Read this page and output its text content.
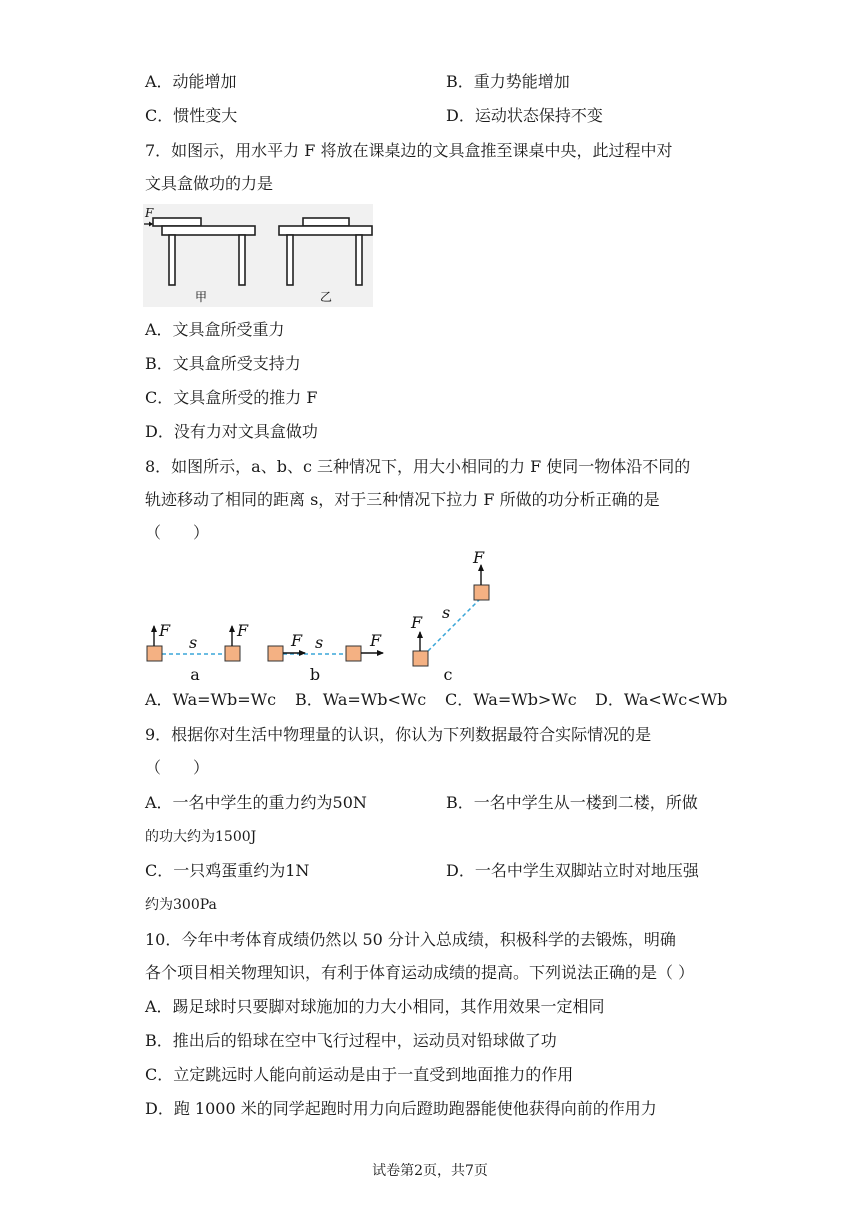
A．动能增加	B．重力势能增加
C．惯性变大	D．运动状态保持不变
7．如图示，用水平力 F 将放在课桌边的文具盒推至课桌中央，此过程中对
文具盒做功的力是
F
甲	乙
A．文具盒所受重力
B．文具盒所受支持力
C．文具盒所受的推力 F
D．没有力对文具盒做功
8．如图所示，a、b、c 三种情况下，用大小相同的力 F 使同一物体沿不同的
轨迹移动了相同的距离 s，对于三种情况下拉力 F 所做的功分析正确的是
（　　）
F	F
s
a
F	F
s
b
F
F
s
c
A．Wa=Wb=Wc B．Wa=Wb<Wc C．Wa=Wb>Wc D．Wa<Wc<Wb
9．根据你对生活中物理量的认识，你认为下列数据最符合实际情况的是
（　　）
A．一名中学生的重力约为50N	B．一名中学生从一楼到二楼，所做
的功大约为1500J
C．一只鸡蛋重约为1N	D．一名中学生双脚站立时对地压强
约为300Pa
10．今年中考体育成绩仍然以 50 分计入总成绩，积极科学的去锻炼，明确
各个项目相关物理知识，有利于体育运动成绩的提高。下列说法正确的是（ ）
A．踢足球时只要脚对球施加的力大小相同，其作用效果一定相同
B．推出后的铅球在空中飞行过程中，运动员对铅球做了功
C．立定跳远时人能向前运动是由于一直受到地面推力的作用
D．跑 1000 米的同学起跑时用力向后蹬助跑器能使他获得向前的作用力
试卷第2页，共7页
